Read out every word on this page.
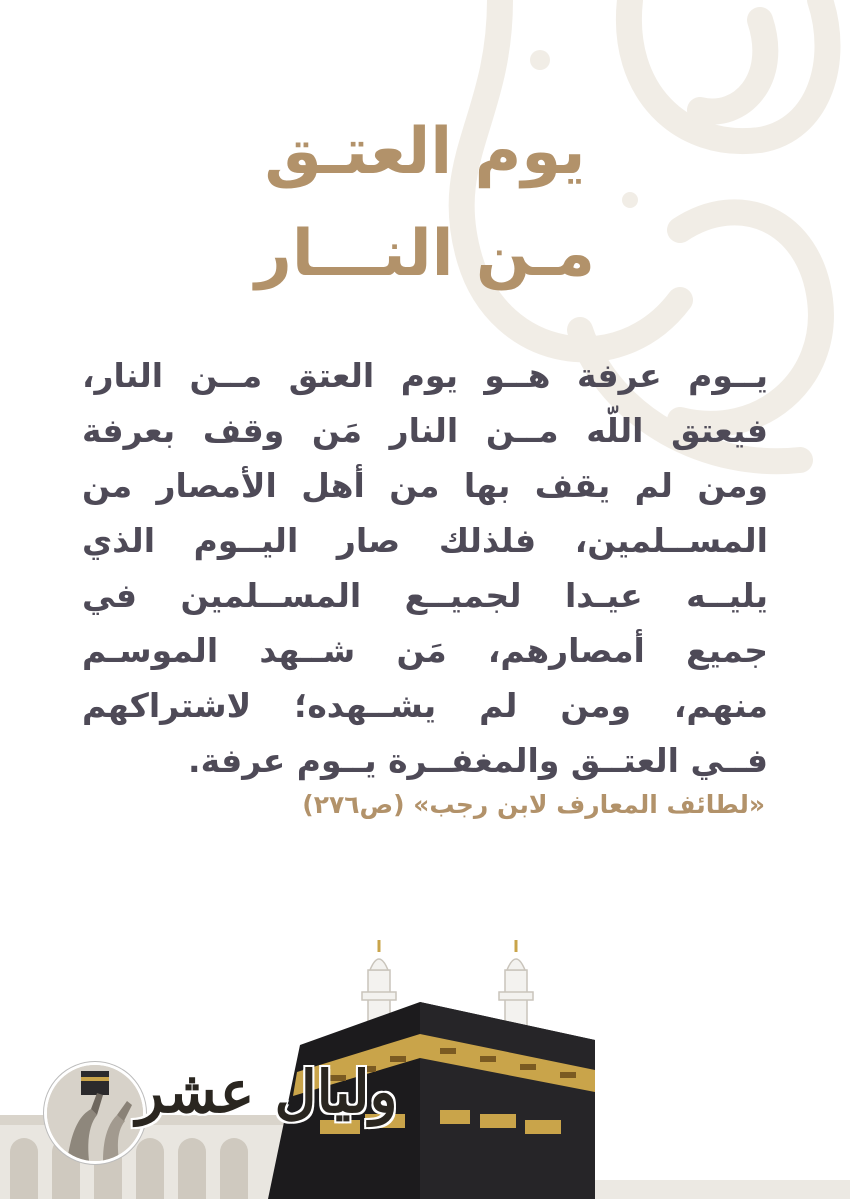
يوم العتـق
مـن النـــار
يــوم عرفة هــو يوم العتق مــن النار،
فيعتق اللّه مــن النار مَن وقف بعرفة
ومن لم يقف بها من أهل الأمصار من
المســلمين، فلذلك صار اليــوم الذي
يليــه عيـدا لجميــع المســلمين في
جميع أمصارهم، مَن شــهد الموسـم
منهم، ومن لم يشــهده؛ لاشتراكهم
فــي العتــق والمغفــرة يــوم عرفة.
«لطائف المعارف لابن رجب» (ص٢٧٦)
وليال عشر
